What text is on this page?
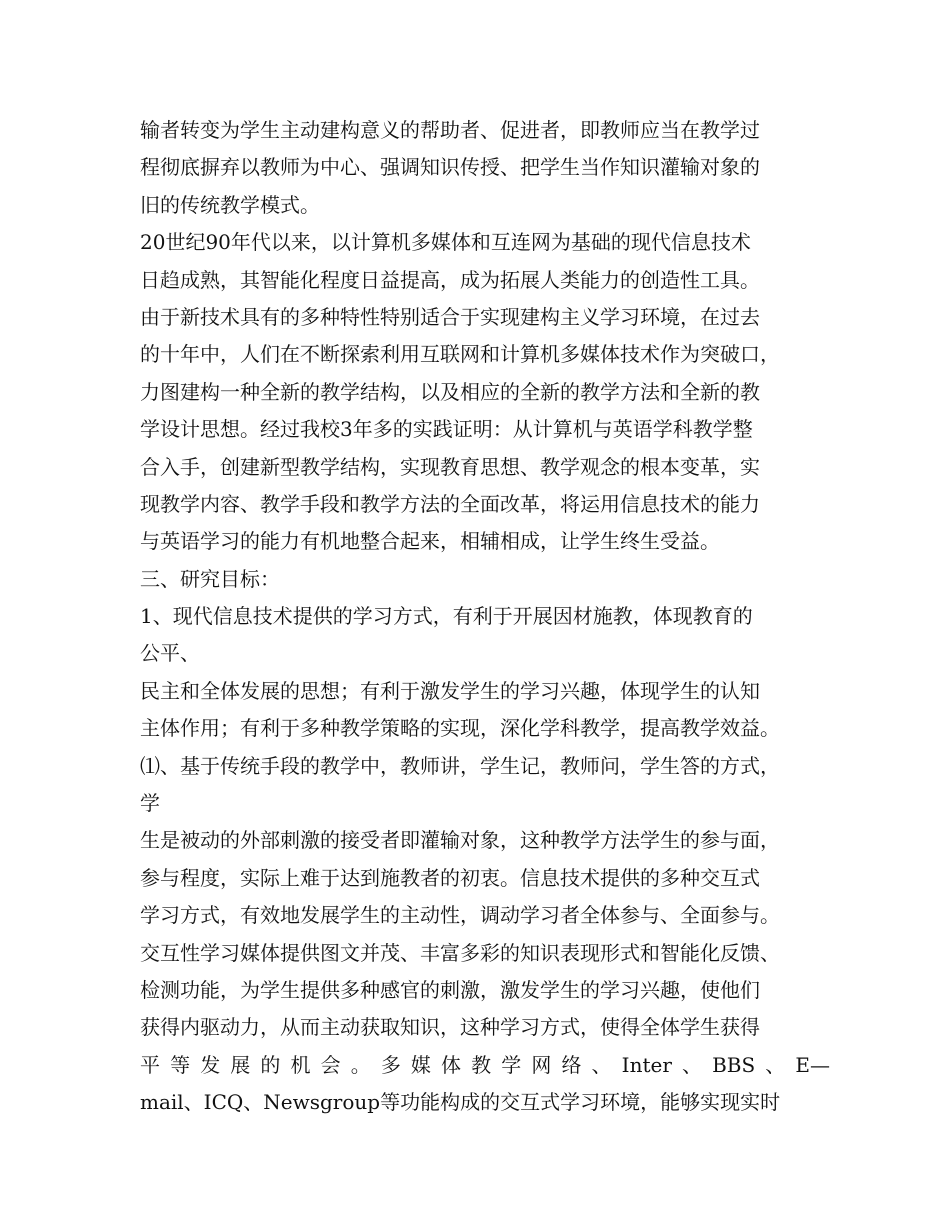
输者转变为学生主动建构意义的帮助者、促进者，即教师应当在教学过
程彻底摒弃以教师为中心、强调知识传授、把学生当作知识灌输对象的
旧的传统教学模式。
20世纪90年代以来，以计算机多媒体和互连网为基础的现代信息技术
日趋成熟，其智能化程度日益提高，成为拓展人类能力的创造性工具。
由于新技术具有的多种特性特别适合于实现建构主义学习环境，在过去
的十年中，人们在不断探索利用互联网和计算机多媒体技术作为突破口，
力图建构一种全新的教学结构，以及相应的全新的教学方法和全新的教
学设计思想。经过我校3年多的实践证明：从计算机与英语学科教学整
合入手，创建新型教学结构，实现教育思想、教学观念的根本变革，实
现教学内容、教学手段和教学方法的全面改革，将运用信息技术的能力
与英语学习的能力有机地整合起来，相辅相成，让学生终生受益。
三、研究目标：
1、现代信息技术提供的学习方式，有利于开展因材施教，体现教育的
公平、
民主和全体发展的思想；有利于激发学生的学习兴趣，体现学生的认知
主体作用；有利于多种教学策略的实现，深化学科教学，提高教学效益。
⑴、基于传统手段的教学中，教师讲，学生记，教师问，学生答的方式，
学
生是被动的外部刺激的接受者即灌输对象，这种教学方法学生的参与面，
参与程度，实际上难于达到施教者的初衷。信息技术提供的多种交互式
学习方式，有效地发展学生的主动性，调动学习者全体参与、全面参与。
交互性学习媒体提供图文并茂、丰富多彩的知识表现形式和智能化反馈、
检测功能，为学生提供多种感官的刺激，激发学生的学习兴趣，使他们
获得内驱动力，从而主动获取知识，这种学习方式，使得全体学生获得
平等发展的机会。多媒体教学网络、Inter、BBS、E—
mail、ICQ、Newsgroup等功能构成的交互式学习环境，能够实现实时
